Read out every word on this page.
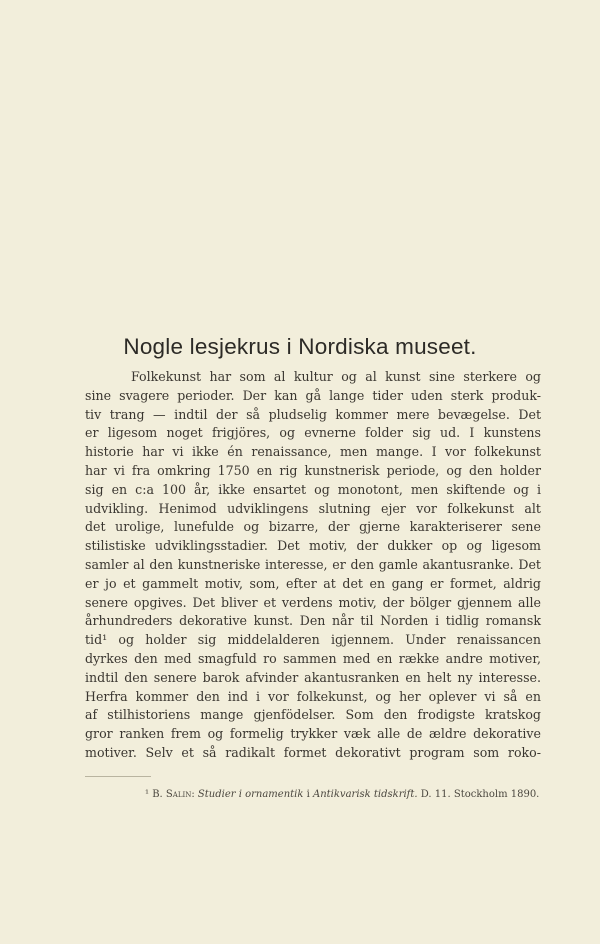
Nogle lesjekrus i Nordiska museet.
Folkekunst har som al kultur og al kunst sine sterkere og
sine svagere perioder. Der kan gå lange tider uden sterk produk-
tiv trang — indtil der så pludselig kommer mere bevægelse. Det
er ligesom noget frigjöres, og evnerne folder sig ud. I kunstens
historie har vi ikke én renaissance, men mange. I vor folkekunst
har vi fra omkring 1750 en rig kunstnerisk periode, og den holder
sig en c:a 100 år, ikke ensartet og monotont, men skiftende og i
udvikling. Henimod udviklingens slutning ejer vor folkekunst alt
det urolige, lunefulde og bizarre, der gjerne karakteriserer sene
stilistiske udviklingsstadier. Det motiv, der dukker op og ligesom
samler al den kunstneriske interesse, er den gamle akantusranke. Det
er jo et gammelt motiv, som, efter at det en gang er formet, aldrig
senere opgives. Det bliver et verdens motiv, der bölger gjennem alle
århundreders dekorative kunst. Den når til Norden i tidlig romansk
tid¹ og holder sig middelalderen igjennem. Under renaissancen
dyrkes den med smagfuld ro sammen med en række andre motiver,
indtil den senere barok afvinder akantusranken en helt ny interesse.
Herfra kommer den ind i vor folkekunst, og her oplever vi så en
af stilhistoriens mange gjenfödelser. Som den frodigste kratskog
gror ranken frem og formelig trykker væk alle de ældre dekorative
motiver. Selv et så radikalt formet dekorativt program som roko-
¹ B. Salin: Studier i ornamentik i Antikvarisk tidskrift. D. 11. Stockholm 1890.
